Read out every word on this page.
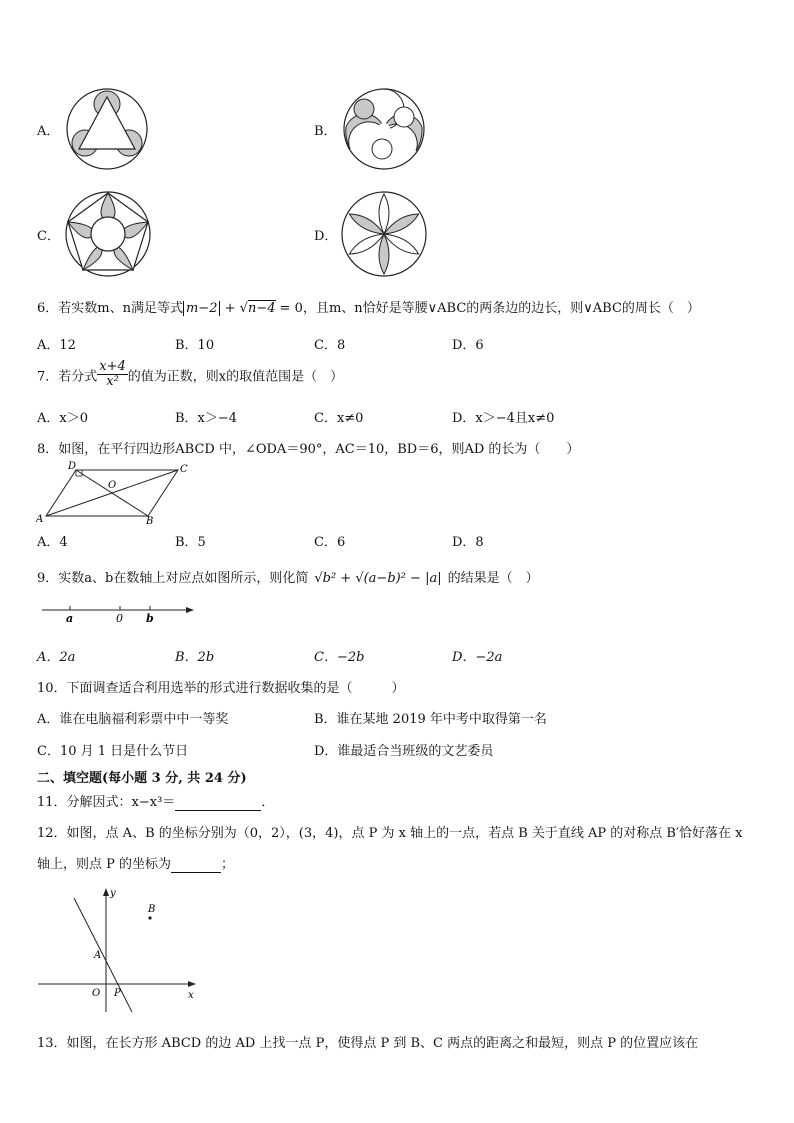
A．	B．
C．	D．
6．若实数m、n满足等式 m−2 + √n−4 = 0，且m、n恰好是等腰∨ABC的两条边的边长，则∨ABC的周长（　）
A．12	B．10	C．8	D．6
7．若分式 $\frac{x+4}{\text{x²}}$ 的值为正数，则x的取值范围是（　）
A．x＞0	B．x＞−4	C．x≠0	D．x＞−4且x≠0
8．如图，在平行四边形ABCD 中，∠ODA＝90°，AC＝10，BD＝6，则AD 的长为（　　）
D	C
A	B
O
A．4	B．5	C．6	D．8
9．实数a、b在数轴上对应点如图所示，则化简 √b² + √(a−b)² − |a| 的结果是（　）
a	0 b
A．2a	B．2b	C．−2b	D．−2a
10．下面调查适合利用选举的形式进行数据收集的是（　　　）
A．谁在电脑福利彩票中中一等奖	B．谁在某地 2019 年中考中取得第一名
C．10 月 1 日是什么节日	D．谁最适合当班级的文艺委员
二、填空题(每小题 3 分, 共 24 分)
11．分解因式：x−x³＝	．
12．如图，点 A、B 的坐标分别为（0，2），(3，4)，点 P 为 x 轴上的一点，若点 B 关于直线 AP 的对称点 B′恰好落在 x
轴上，则点 P 的坐标为	；
y
x
O
A
B
P
13．如图，在长方形 ABCD 的边 AD 上找一点 P，使得点 P 到 B、C 两点的距离之和最短，则点 P 的位置应该在
